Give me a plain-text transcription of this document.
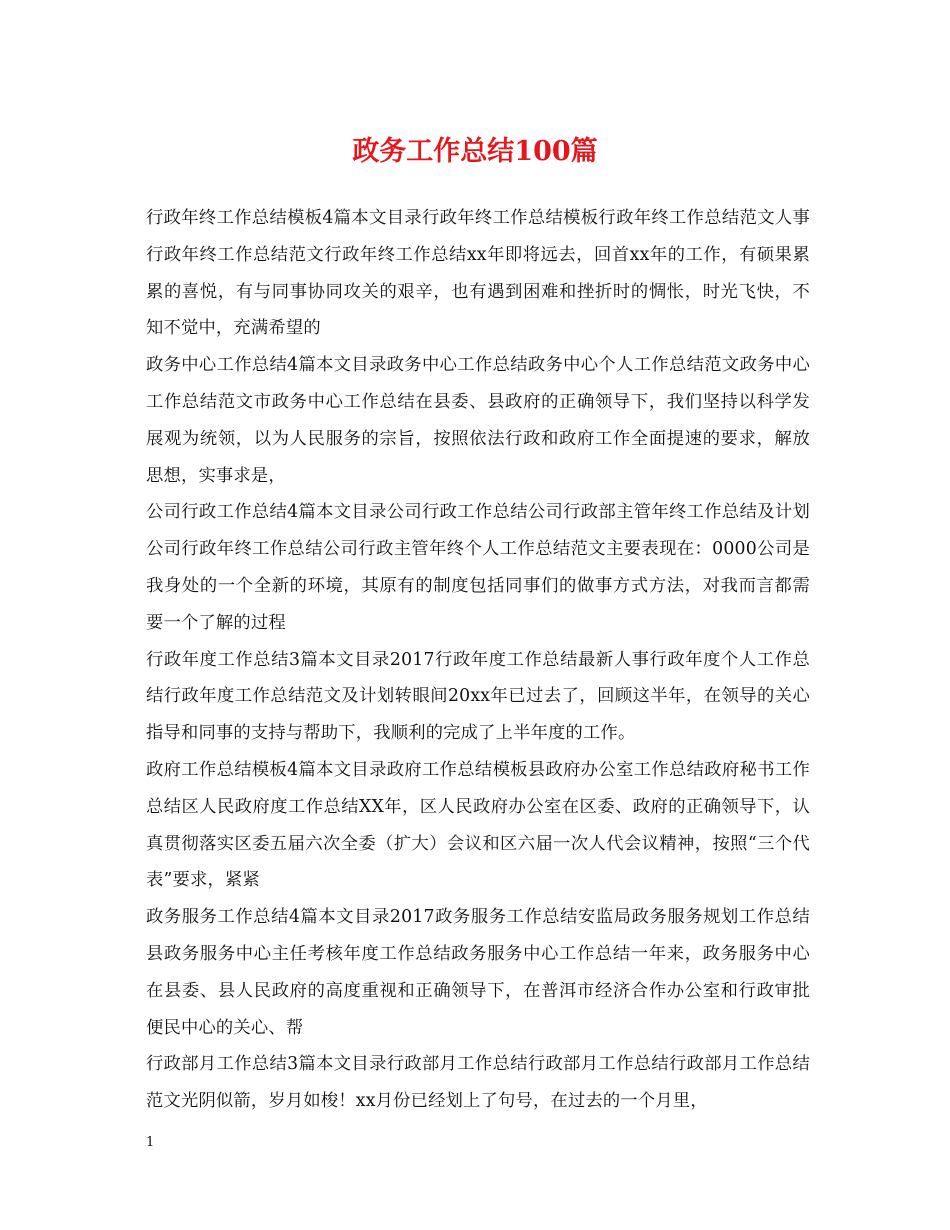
政务工作总结100篇

行政年终工作总结模板4篇本文目录行政年终工作总结模板行政年终工作总结范文人事行政年终工作总结范文行政年终工作总结xx年即将远去，回首xx年的工作，有硕果累累的喜悦，有与同事协同攻关的艰辛，也有遇到困难和挫折时的惆怅，时光飞快，不知不觉中，充满希望的

政务中心工作总结4篇本文目录政务中心工作总结政务中心个人工作总结范文政务中心工作总结范文市政务中心工作总结在县委、县政府的正确领导下，我们坚持以科学发展观为统领，以为人民服务的宗旨，按照依法行政和政府工作全面提速的要求，解放思想，实事求是，

公司行政工作总结4篇本文目录公司行政工作总结公司行政部主管年终工作总结及计划公司行政年终工作总结公司行政主管年终个人工作总结范文主要表现在：0000公司是我身处的一个全新的环境，其原有的制度包括同事们的做事方式方法，对我而言都需要一个了解的过程

行政年度工作总结3篇本文目录2017行政年度工作总结最新人事行政年度个人工作总结行政年度工作总结范文及计划转眼间20xx年已过去了，回顾这半年，在领导的关心指导和同事的支持与帮助下，我顺利的完成了上半年度的工作。

政府工作总结模板4篇本文目录政府工作总结模板县政府办公室工作总结政府秘书工作总结区人民政府度工作总结XX年，区人民政府办公室在区委、政府的正确领导下，认真贯彻落实区委五届六次全委（扩大）会议和区六届一次人代会议精神，按照“三个代表”要求，紧紧

政务服务工作总结4篇本文目录2017政务服务工作总结安监局政务服务规划工作总结县政务服务中心主任考核年度工作总结政务服务中心工作总结一年来，政务服务中心在县委、县人民政府的高度重视和正确领导下，在普洱市经济合作办公室和行政审批便民中心的关心、帮

行政部月工作总结3篇本文目录行政部月工作总结行政部月工作总结行政部月工作总结范文光阴似箭，岁月如梭！xx月份已经划上了句号，在过去的一个月里，

1
